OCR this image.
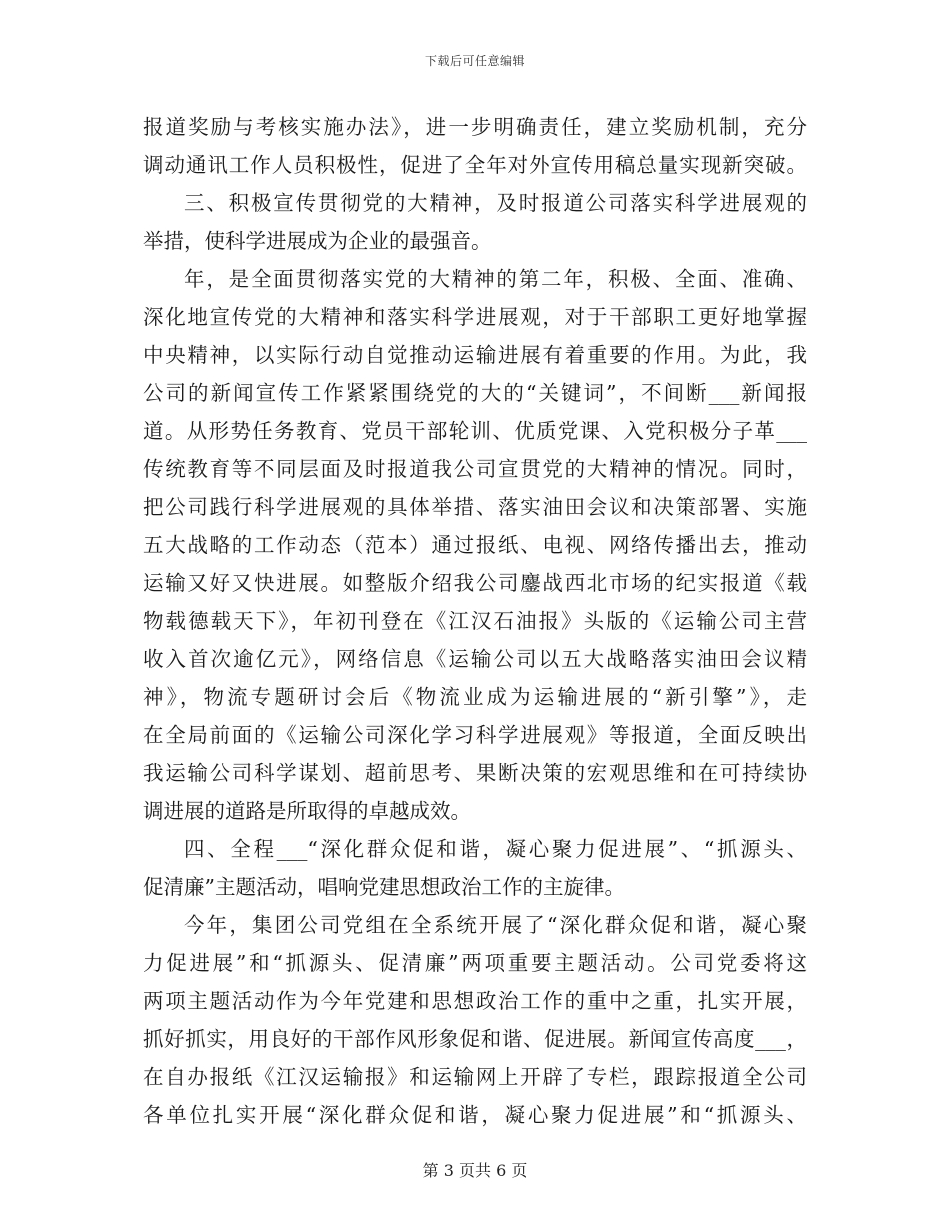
下载后可任意编辑
报道奖励与考核实施办法》，进一步明确责任，建立奖励机制，充分
调动通讯工作人员积极性，促进了全年对外宣传用稿总量实现新突破。
三、积极宣传贯彻党的大精神，及时报道公司落实科学进展观的
举措，使科学进展成为企业的最强音。
年，是全面贯彻落实党的大精神的第二年，积极、全面、准确、
深化地宣传党的大精神和落实科学进展观，对于干部职工更好地掌握
中央精神，以实际行动自觉推动运输进展有着重要的作用。为此，我
公司的新闻宣传工作紧紧围绕党的大的“关键词”，不间断___新闻报
道。从形势任务教育、党员干部轮训、优质党课、入党积极分子革___
传统教育等不同层面及时报道我公司宣贯党的大精神的情况。同时，
把公司践行科学进展观的具体举措、落实油田会议和决策部署、实施
五大战略的工作动态（范本）通过报纸、电视、网络传播出去，推动
运输又好又快进展。如整版介绍我公司鏖战西北市场的纪实报道《载
物载德载天下》，年初刊登在《江汉石油报》头版的《运输公司主营
收入首次逾亿元》，网络信息《运输公司以五大战略落实油田会议精
神》，物流专题研讨会后《物流业成为运输进展的“新引擎”》，走
在全局前面的《运输公司深化学习科学进展观》等报道，全面反映出
我运输公司科学谋划、超前思考、果断决策的宏观思维和在可持续协
调进展的道路是所取得的卓越成效。
四、全程___“深化群众促和谐，凝心聚力促进展”、“抓源头、
促清廉”主题活动，唱响党建思想政治工作的主旋律。
今年，集团公司党组在全系统开展了“深化群众促和谐，凝心聚
力促进展”和“抓源头、促清廉”两项重要主题活动。公司党委将这
两项主题活动作为今年党建和思想政治工作的重中之重，扎实开展，
抓好抓实，用良好的干部作风形象促和谐、促进展。新闻宣传高度___，
在自办报纸《江汉运输报》和运输网上开辟了专栏，跟踪报道全公司
各单位扎实开展“深化群众促和谐，凝心聚力促进展”和“抓源头、
第 3 页共 6 页
